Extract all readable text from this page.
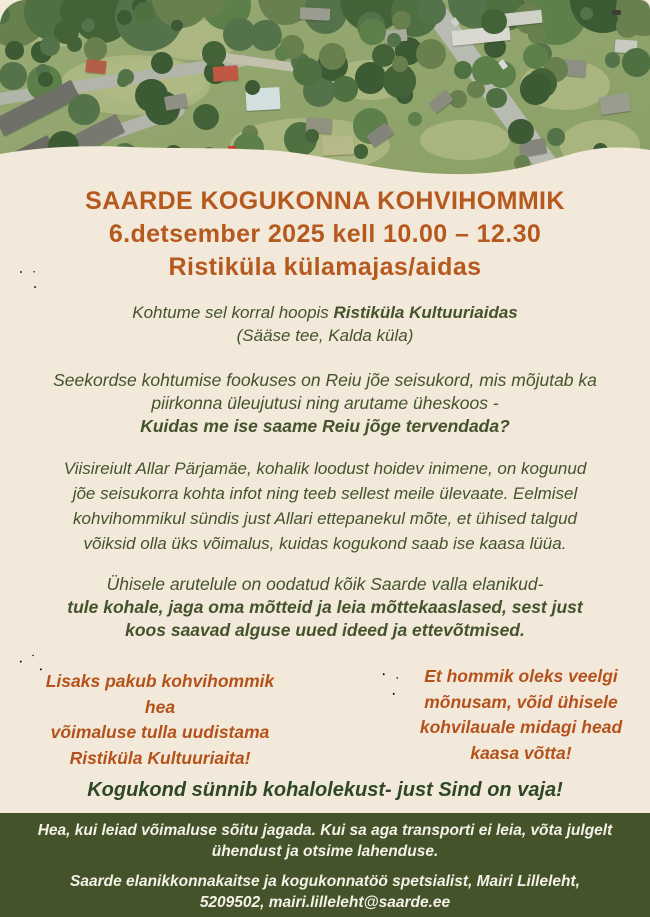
SAARDE KOGUKONNA KOHVIHOMMIK
6.detsember 2025 kell 10.00 – 12.30
Ristiküla külamajas/aidas
Kohtume sel korral hoopis Ristiküla Kultuuriaidas
(Sääse tee, Kalda küla)
Seekordse kohtumise fookuses on Reiu jõe seisukord, mis mõjutab ka
piirkonna üleujutusi ning arutame üheskoos -
Kuidas me ise saame Reiu jõge tervendada?
Viisireiult Allar Pärjamäe, kohalik loodust hoidev inimene, on kogunud
jõe seisukorra kohta infot ning teeb sellest meile ülevaate. Eelmisel
kohvihommikul sündis just Allari ettepanekul mõte, et ühised talgud
võiksid olla üks võimalus, kuidas kogukond saab ise kaasa lüüa.
Ühisele arutelule on oodatud kõik Saarde valla elanikud-
tule kohale, jaga oma mõtteid ja leia mõttekaaslased, sest just
koos saavad alguse uued ideed ja ettevõtmised.
Lisaks pakub kohvihommik hea
võimaluse tulla uudistama
Ristiküla Kultuuriaita!
Et hommik oleks veelgi
mõnusam, võid ühisele
kohvilauale midagi head
kaasa võtta!
Kogukond sünnib kohalolekust- just Sind on vaja!
Hea, kui leiad võimaluse sõitu jagada. Kui sa aga transporti ei leia, võta julgelt
ühendust ja otsime lahenduse.
Saarde elanikkonnakaitse ja kogukonnatöö spetsialist, Mairi Lilleleht,
5209502, mairi.lilleleht@saarde.ee
